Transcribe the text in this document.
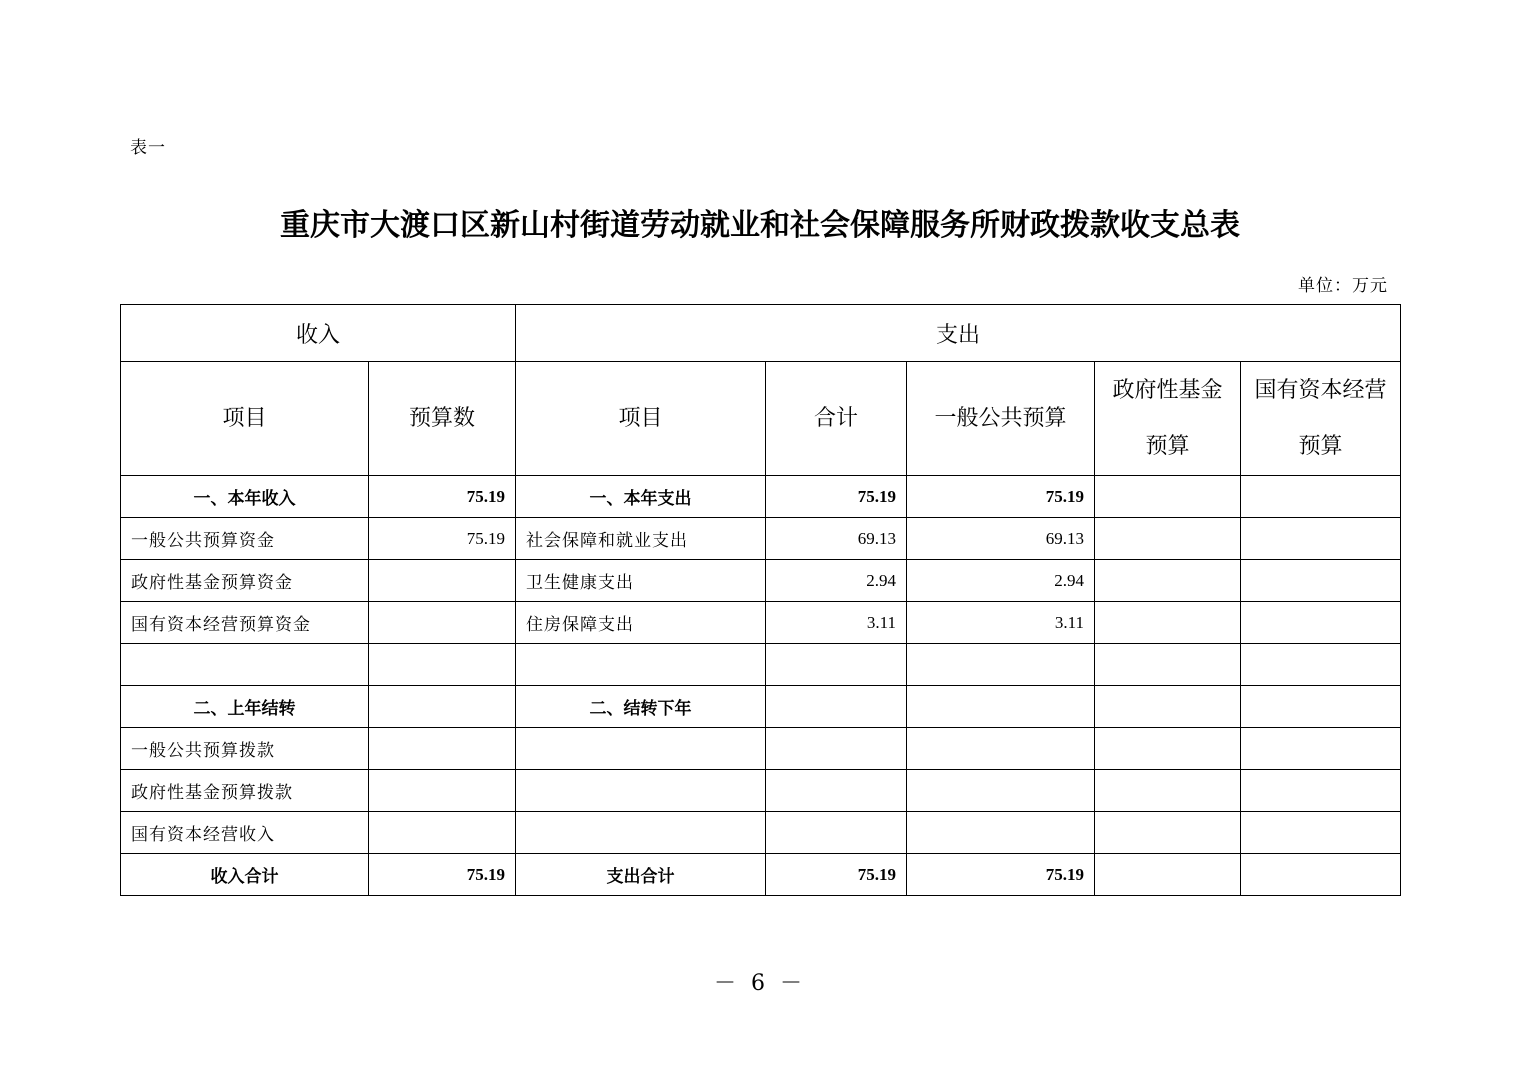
表一
重庆市大渡口区新山村街道劳动就业和社会保障服务所财政拨款收支总表
单位：万元
收入		支出				
项目	预算数	项目	合计	一般公共预算	政府性基金预算	国有资本经营预算
一、本年收入	75.19	一、本年支出	75.19	75.19		
一般公共预算资金	75.19	社会保障和就业支出	69.13	69.13		
政府性基金预算资金		卫生健康支出	2.94	2.94		
国有资本经营预算资金		住房保障支出	3.11	3.11		

二、上年结转		二、结转下年				
一般公共预算拨款						
政府性基金预算拨款						
国有资本经营收入						
收入合计	75.19	支出合计	75.19	75.19		
－ 6 －
